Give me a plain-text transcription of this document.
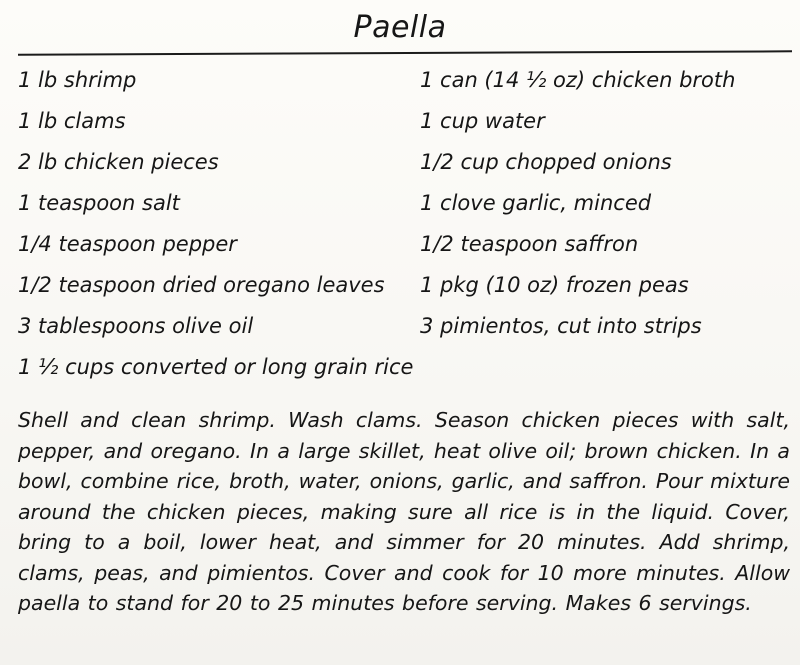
Paella
1 lb shrimp
1 lb clams
2 lb chicken pieces
1 teaspoon salt
1/4 teaspoon pepper
1/2 teaspoon dried oregano leaves
3 tablespoons olive oil
1 ½ cups converted or long grain rice
1 can (14 ½ oz) chicken broth
1 cup water
1/2 cup chopped onions
1 clove garlic, minced
1/2 teaspoon saffron
1 pkg (10 oz) frozen peas
3 pimientos, cut into strips

Shell and clean shrimp. Wash clams. Season chicken pieces with salt, pepper, and oregano. In a large skillet, heat olive oil; brown chicken. In a bowl, combine rice, broth, water, onions, garlic, and saffron. Pour mixture around the chicken pieces, making sure all rice is in the liquid. Cover, bring to a boil, lower heat, and simmer for 20 minutes. Add shrimp, clams, peas, and pimientos. Cover and cook for 10 more minutes. Allow paella to stand for 20 to 25 minutes before serving. Makes 6 servings.
